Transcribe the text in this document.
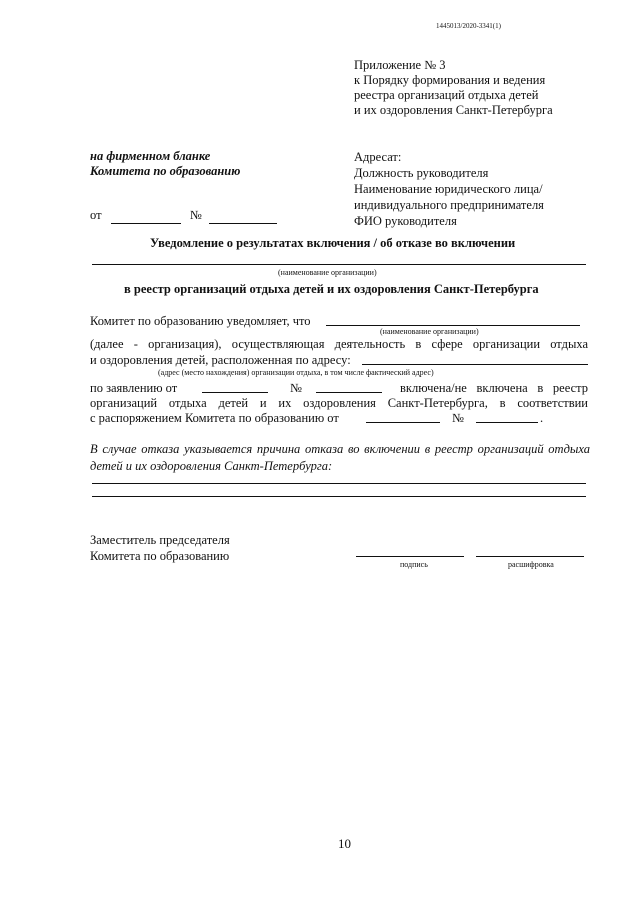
1445013/2020-3341(1)
Приложение № 3
к Порядку формирования и ведения
реестра организаций отдыха детей
и их оздоровления Санкт-Петербурга
на фирменном бланке
Комитета по образованию
Адресат:
Должность руководителя
Наименование юридического лица/
индивидуального предпринимателя
ФИО руководителя
от	№
Уведомление о результатах включения / об отказе во включении
(наименование организации)
в реестр организаций отдыха детей и их оздоровления Санкт-Петербурга
Комитет по образованию уведомляет, что
(наименование организации)
(далее - организация), осуществляющая деятельность в сфере организации отдыха
и оздоровления детей, расположенная по адресу:
(адрес (место нахождения) организации отдыха, в том числе фактический адрес)
по заявлению от	№	включена/не включена в реестр
организаций отдыха детей и их оздоровления Санкт-Петербурга, в соответствии
с распоряжением Комитета по образованию от	№	.
В случае отказа указывается причина отказа во включении в реестр организаций отдыха детей и их оздоровления Санкт-Петербурга:
Заместитель председателя
Комитета по образованию
подпись	расшифровка
10
